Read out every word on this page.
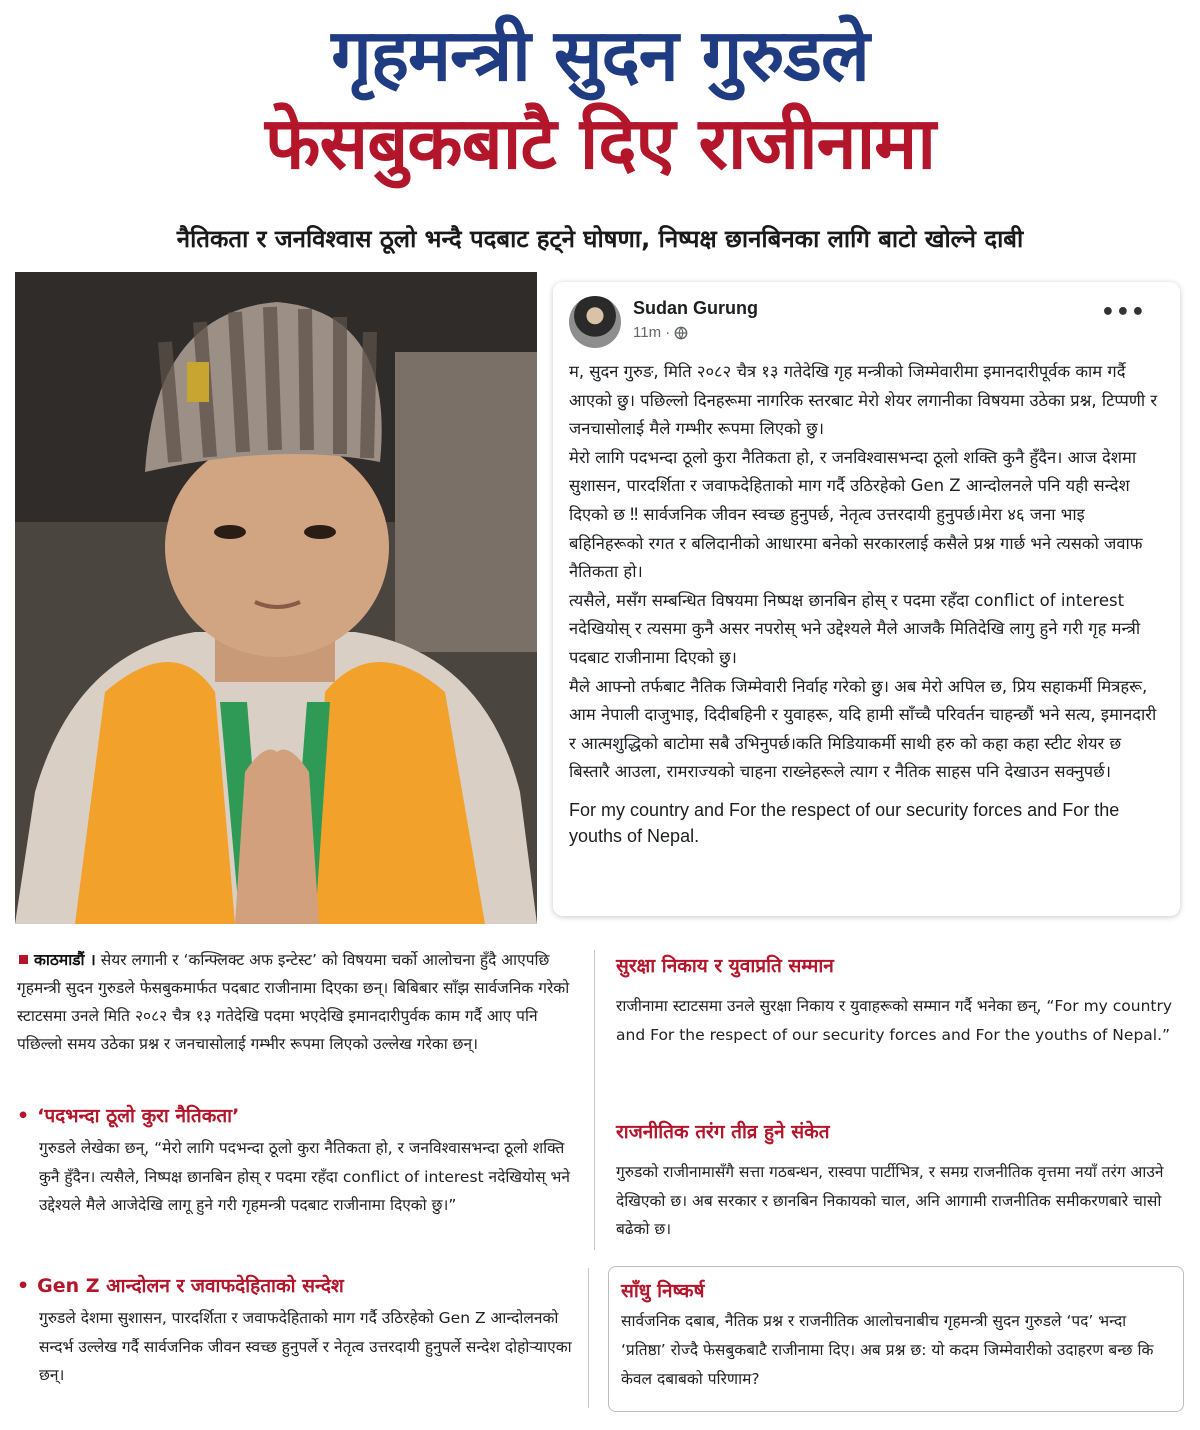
गृहमन्त्री सुदन गुरुडले
फेसबुकबाटै दिए राजीनामा
नैतिकता र जनविश्वास ठूलो भन्दै पदबाट हट्ने घोषणा, निष्पक्ष छानबिनका लागि बाटो खोल्ने दाबी
Sudan Gurung
11m ·
•••

म, सुदन गुरुङ, मिति २०८२ चैत्र १३ गतेदेखि गृह मन्त्रीको जिम्मेवारीमा इमानदारीपूर्वक काम गर्दै आएको छु। पछिल्लो दिनहरूमा नागरिक स्तरबाट मेरो शेयर लगानीका विषयमा उठेका प्रश्न, टिप्पणी र जनचासोलाई मैले गम्भीर रूपमा लिएको छु।

मेरो लागि पदभन्दा ठूलो कुरा नैतिकता हो, र जनविश्वासभन्दा ठूलो शक्ति कुनै हुँदैन। आज देशमा सुशासन, पारदर्शिता र जवाफदेहिताको माग गर्दै उठिरहेको Gen Z आन्दोलनले पनि यही सन्देश दिएको छ ‼ सार्वजनिक जीवन स्वच्छ हुनुपर्छ, नेतृत्व उत्तरदायी हुनुपर्छ।मेरा ४६ जना भाइ बहिनिहरूको रगत र बलिदानीको आधारमा बनेको सरकारलाई कसैले प्रश्न गार्छ भने त्यसको जवाफ नैतिकता हो।

त्यसैले, मसँग सम्बन्धित विषयमा निष्पक्ष छानबिन होस् र पदमा रहँदा conflict of interest नदेखियोस् र त्यसमा कुनै असर नपरोस् भने उद्देश्यले मैले आजकै मितिदेखि लागु हुने गरी गृह मन्त्री पदबाट राजीनामा दिएको छु।

मैले आफ्नो तर्फबाट नैतिक जिम्मेवारी निर्वाह गरेको छु। अब मेरो अपिल छ, प्रिय सहाकर्मी मित्रहरू, आम नेपाली दाजुभाइ, दिदीबहिनी र युवाहरू, यदि हामी साँच्चै परिवर्तन चाहन्छौं भने सत्य, इमानदारी र आत्मशुद्धिको बाटोमा सबै उभिनुपर्छ।कति मिडियाकर्मी साथी हरु को कहा कहा स्टीट शेयर छ बिस्तारै आउला, रामराज्यको चाहना राख्नेहरूले त्याग र नैतिक साहस पनि देखाउन सक्नुपर्छ।

For my country and For the respect of our security forces and For the youths of Nepal.
काठमाडौं । सेयर लगानी र ‘कन्फ्लिक्ट अफ इन्टेस्ट’ को विषयमा चर्को आलोचना हुँदै आएपछि गृहमन्त्री सुदन गुरुडले फेसबुकमार्फत पदबाट राजीनामा दिएका छन्। बिबिबार साँझ सार्वजनिक गरेको स्टाटसमा उनले मिति २०८२ चैत्र १३ गतेदेखि पदमा भएदेखि इमानदारीपुर्वक काम गर्दै आए पनि पछिल्लो समय उठेका प्रश्न र जनचासोलाई गम्भीर रूपमा लिएको उल्लेख गरेका छन्।
• ‘पदभन्दा ठूलो कुरा नैतिकता’
गुरुडले लेखेका छन्, “मेरो लागि पदभन्दा ठूलो कुरा नैतिकता हो, र जनविश्वासभन्दा ठूलो शक्ति कुनै हुँदैन। त्यसैले, निष्पक्ष छानबिन होस् र पदमा रहँदा conflict of interest नदेखियोस् भने उद्देश्यले मैले आजेदेखि लागू हुने गरी गृहमन्त्री पदबाट राजीनामा दिएको छु।”
• Gen Z आन्दोलन र जवाफदेहिताको सन्देश
गुरुडले देशमा सुशासन, पारदर्शिता र जवाफदेहिताको माग गर्दै उठिरहेको Gen Z आन्दोलनको सन्दर्भ उल्लेख गर्दै सार्वजनिक जीवन स्वच्छ हुनुपर्ले र नेतृत्व उत्तरदायी हुनुपर्ले सन्देश दोहोर्‍याएका छन्।
सुरक्षा निकाय र युवाप्रति सम्मान
राजीनामा स्टाटसमा उनले सुरक्षा निकाय र युवाहरूको सम्मान गर्दै भनेका छन्, “For my country and For the respect of our security forces and For the youths of Nepal.”
राजनीतिक तरंग तीव्र हुने संकेत
गुरुडको राजीनामासँगै सत्ता गठबन्धन, रास्वपा पार्टीभित्र, र समग्र राजनीतिक वृत्तमा नयाँ तरंग आउने देखिएको छ। अब सरकार र छानबिन निकायको चाल, अनि आगामी राजनीतिक समीकरणबारे चासो बढेको छ।
साँधु निष्कर्ष
सार्वजनिक दबाब, नैतिक प्रश्न र राजनीतिक आलोचनाबीच गृहमन्त्री सुदन गुरुडले ‘पद’ भन्दा ‘प्रतिष्ठा’ रोज्दै फेसबुकबाटै राजीनामा दिए। अब प्रश्न छ: यो कदम जिम्मेवारीको उदाहरण बन्छ कि केवल दबाबको परिणाम?
